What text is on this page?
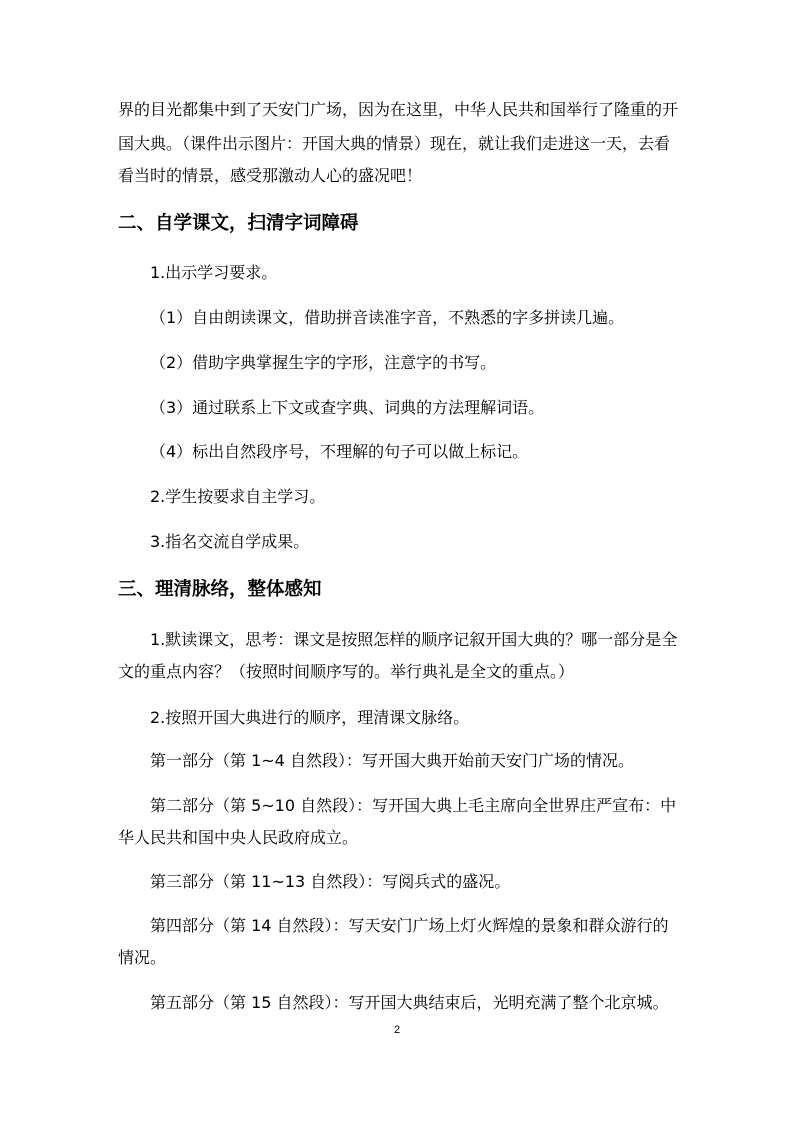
界的目光都集中到了天安门广场，因为在这里，中华人民共和国举行了隆重的开

国大典。（课件出示图片：开国大典的情景）现在，就让我们走进这一天，去看

看当时的情景，感受那激动人心的盛况吧！

二、自学课文，扫清字词障碍

1.出示学习要求。

（1）自由朗读课文，借助拼音读准字音，不熟悉的字多拼读几遍。

（2）借助字典掌握生字的字形，注意字的书写。

（3）通过联系上下文或查字典、词典的方法理解词语。

（4）标出自然段序号，不理解的句子可以做上标记。

2.学生按要求自主学习。

3.指名交流自学成果。

三、理清脉络，整体感知

1.默读课文，思考：课文是按照怎样的顺序记叙开国大典的？哪一部分是全

文的重点内容？（按照时间顺序写的。举行典礼是全文的重点。）

2.按照开国大典进行的顺序，理清课文脉络。

第一部分（第 1~4 自然段）：写开国大典开始前天安门广场的情况。

第二部分（第 5~10 自然段）：写开国大典上毛主席向全世界庄严宣布：中

华人民共和国中央人民政府成立。

第三部分（第 11~13 自然段）：写阅兵式的盛况。

第四部分（第 14 自然段）：写天安门广场上灯火辉煌的景象和群众游行的

情况。

第五部分（第 15 自然段）：写开国大典结束后，光明充满了整个北京城。

2
